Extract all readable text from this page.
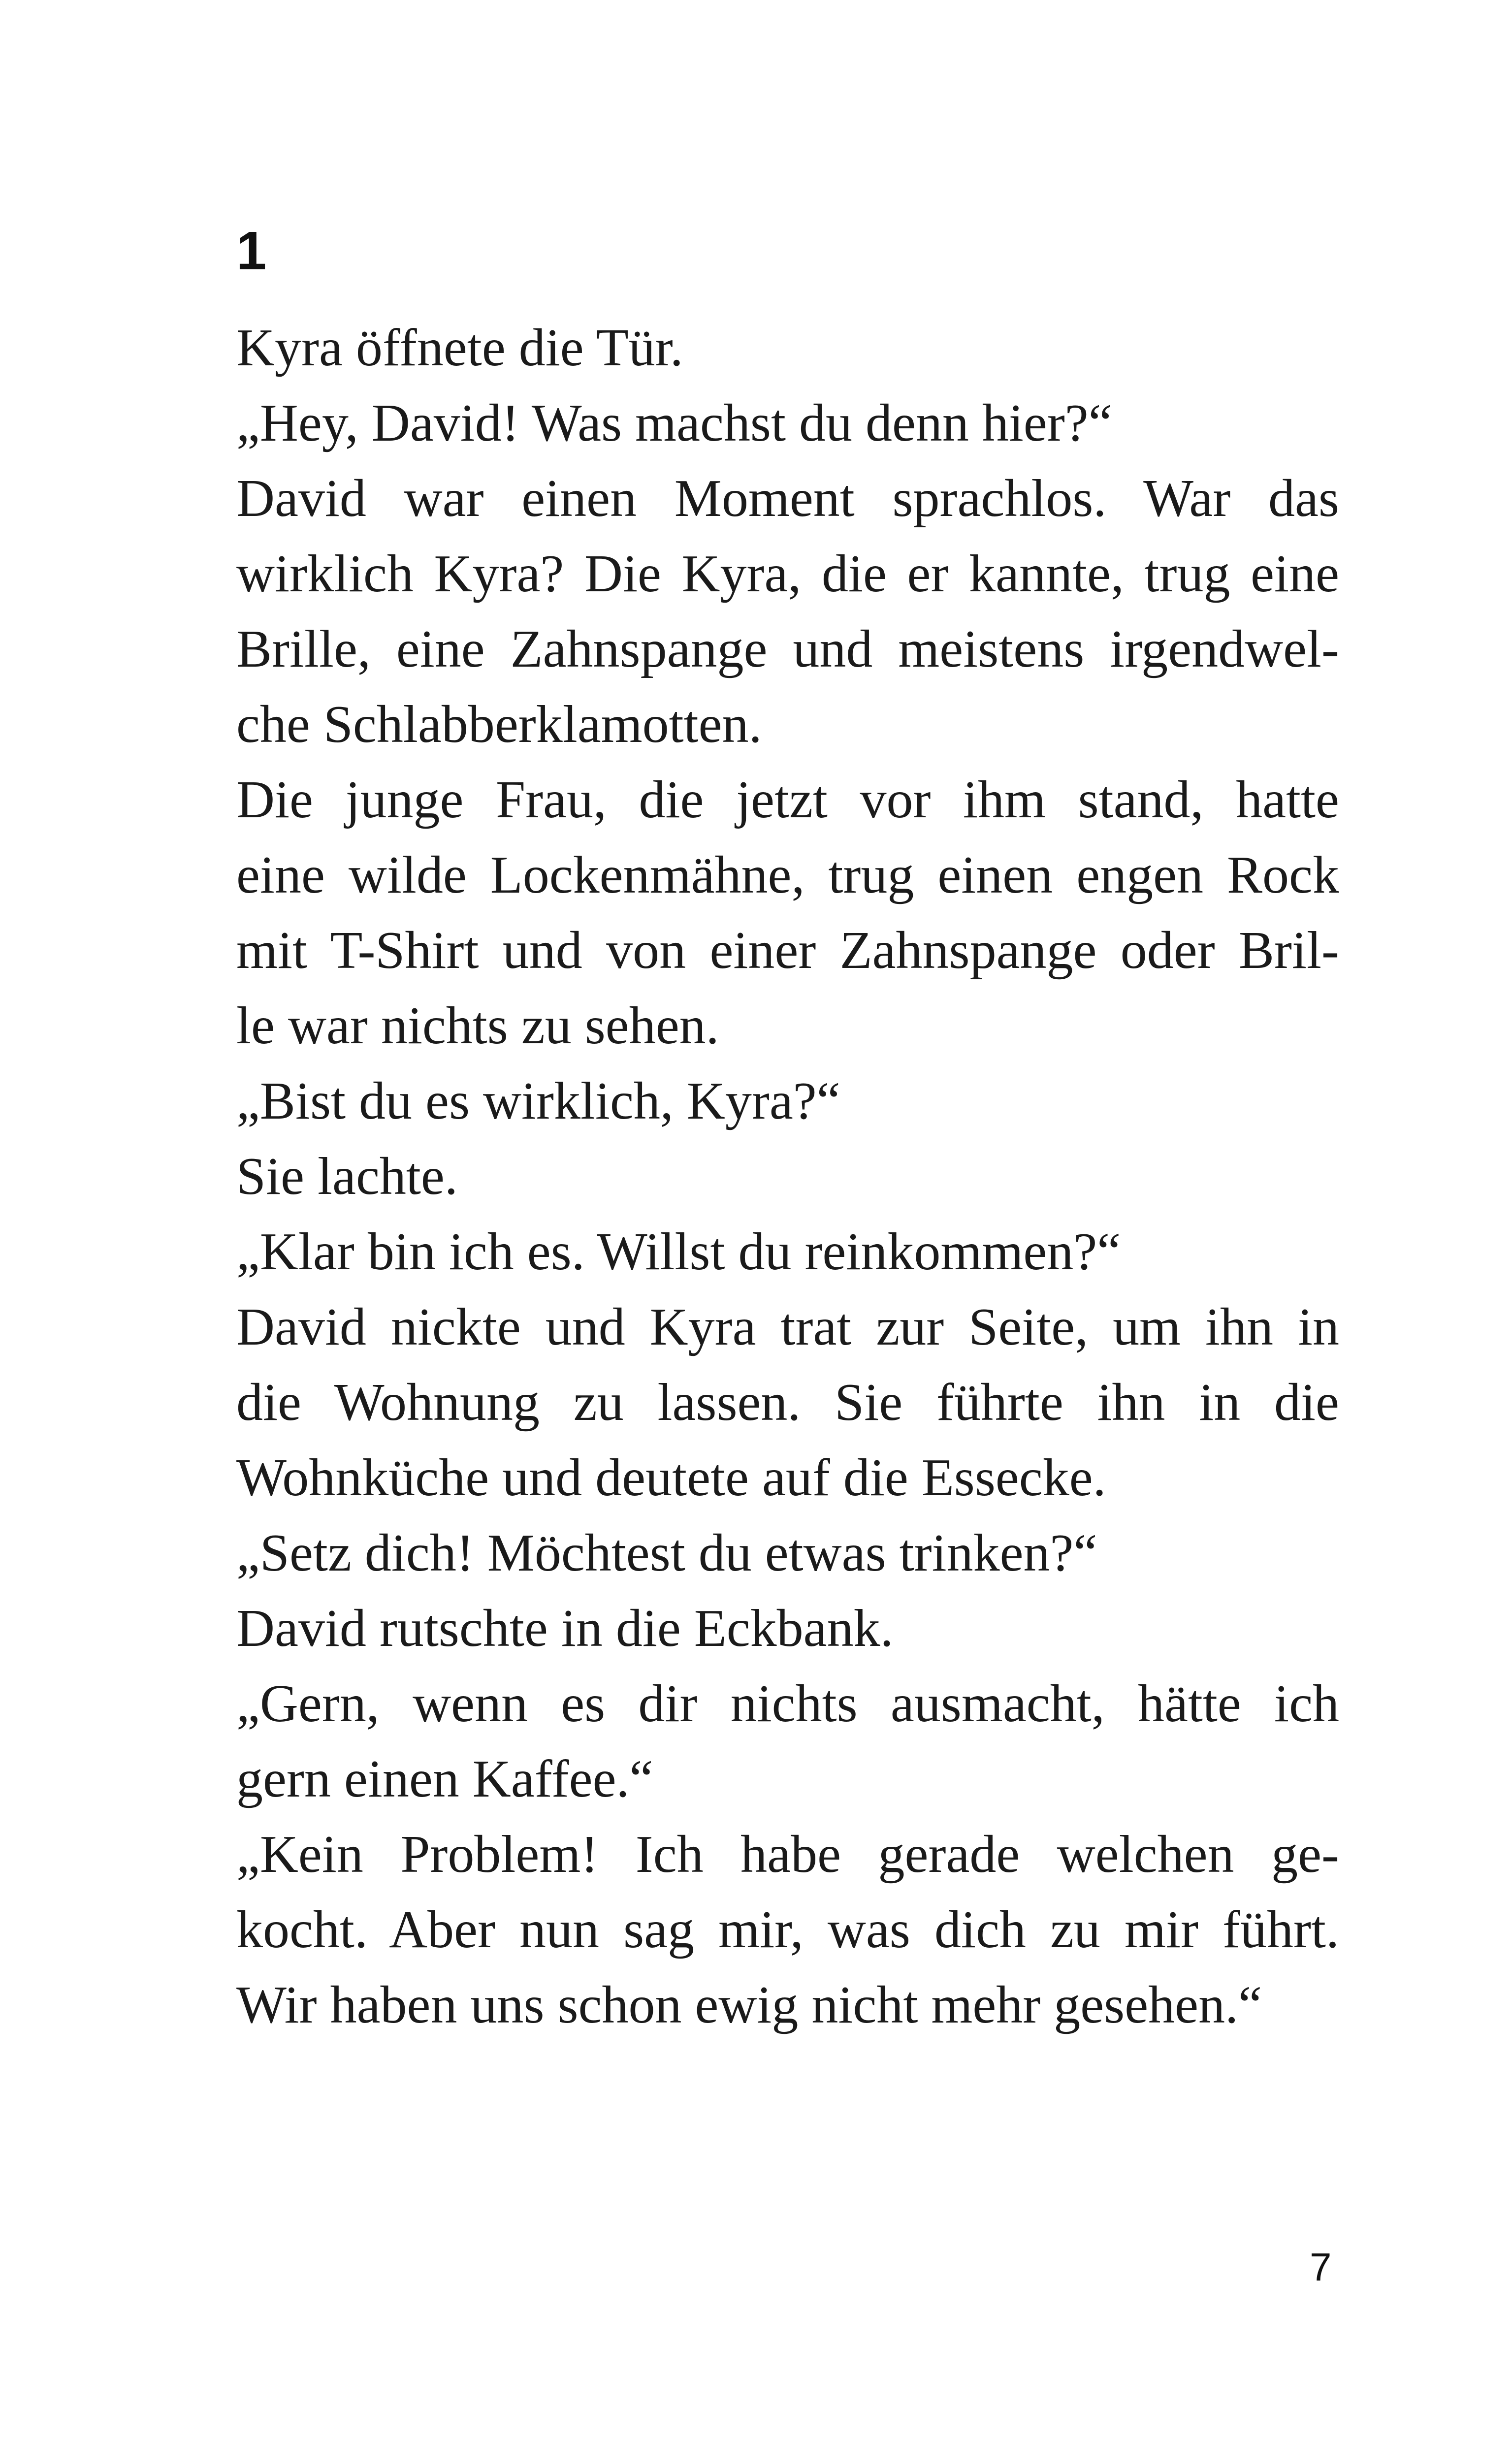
1

Kyra öffnete die Tür.

„Hey, David! Was machst du denn hier?“

David war einen Moment sprachlos. War das
wirklich Kyra? Die Kyra, die er kannte, trug eine
Brille, eine Zahnspange und meistens irgendwel-
che Schlabberklamotten.

Die junge Frau, die jetzt vor ihm stand, hatte
eine wilde Lockenmähne, trug einen engen Rock
mit T-Shirt und von einer Zahnspange oder Bril-
le war nichts zu sehen.

„Bist du es wirklich, Kyra?“

Sie lachte.

„Klar bin ich es. Willst du reinkommen?“

David nickte und Kyra trat zur Seite, um ihn in
die Wohnung zu lassen. Sie führte ihn in die
Wohnküche und deutete auf die Essecke.

„Setz dich! Möchtest du etwas trinken?“

David rutschte in die Eckbank.

„Gern, wenn es dir nichts ausmacht, hätte ich
gern einen Kaffee.“

„Kein Problem! Ich habe gerade welchen ge-
kocht. Aber nun sag mir, was dich zu mir führt.
Wir haben uns schon ewig nicht mehr gesehen.“

7
